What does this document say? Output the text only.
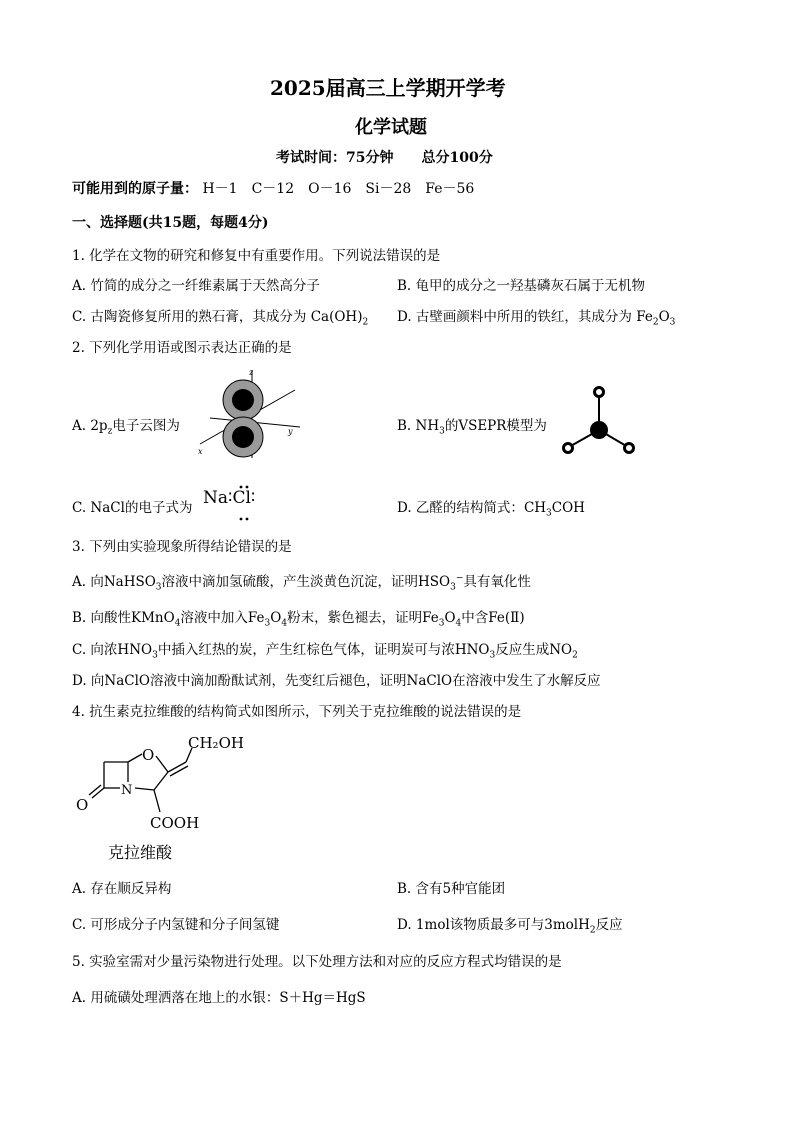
2025届高三上学期开学考
化学试题
考试时间：75分钟　　总分100分
可能用到的原子量： H－1　C－12　O－16　Si－28　Fe－56
一、选择题(共15题，每题4分)
1. 化学在文物的研究和修复中有重要作用。下列说法错误的是
A. 竹简的成分之一纤维素属于天然高分子	B. 龟甲的成分之一羟基磷灰石属于无机物
C. 古陶瓷修复所用的熟石膏，其成分为 $Ca(OH)_2$ D. 古壁画颜料中所用的铁红，其成分为 $Fe_2O_3$
2. 下列化学用语或图示表达正确的是
A. $2p_z$电子云图为
z
y
x
B. $NH_3$的VSEPR模型为
C. NaCl的电子式为 Na∶Cl∶	D. 乙醛的结构简式：$CH_3COH$
3. 下列由实验现象所得结论错误的是
A. 向NaHSO$_3$溶液中滴加氢硫酸，产生淡黄色沉淀，证明$HSO_3^-$具有氧化性
B. 向酸性KMnO$_4$溶液中加入$Fe_3O_4$粉末，紫色褪去，证明$Fe_3O_4$中含Fe(Ⅱ)
C. 向浓$HNO_3$中插入红热的炭，产生红棕色气体，证明炭可与浓$HNO_3$反应生成$NO_2$
D. 向NaClO溶液中滴加酚酞试剂，先变红后褪色，证明NaClO在溶液中发生了水解反应
4. 抗生素克拉维酸的结构简式如图所示，下列关于克拉维酸的说法错误的是
O
N
O
CH₂OH
COOH
克拉维酸
A. 存在顺反异构	B. 含有5种官能团
C. 可形成分子内氢键和分子间氢键	D. 1mol该物质最多可与3molH$_2$反应
5. 实验室需对少量污染物进行处理。以下处理方法和对应的反应方程式均错误的是
A. 用硫磺处理洒落在地上的水银：S＋Hg＝HgS
